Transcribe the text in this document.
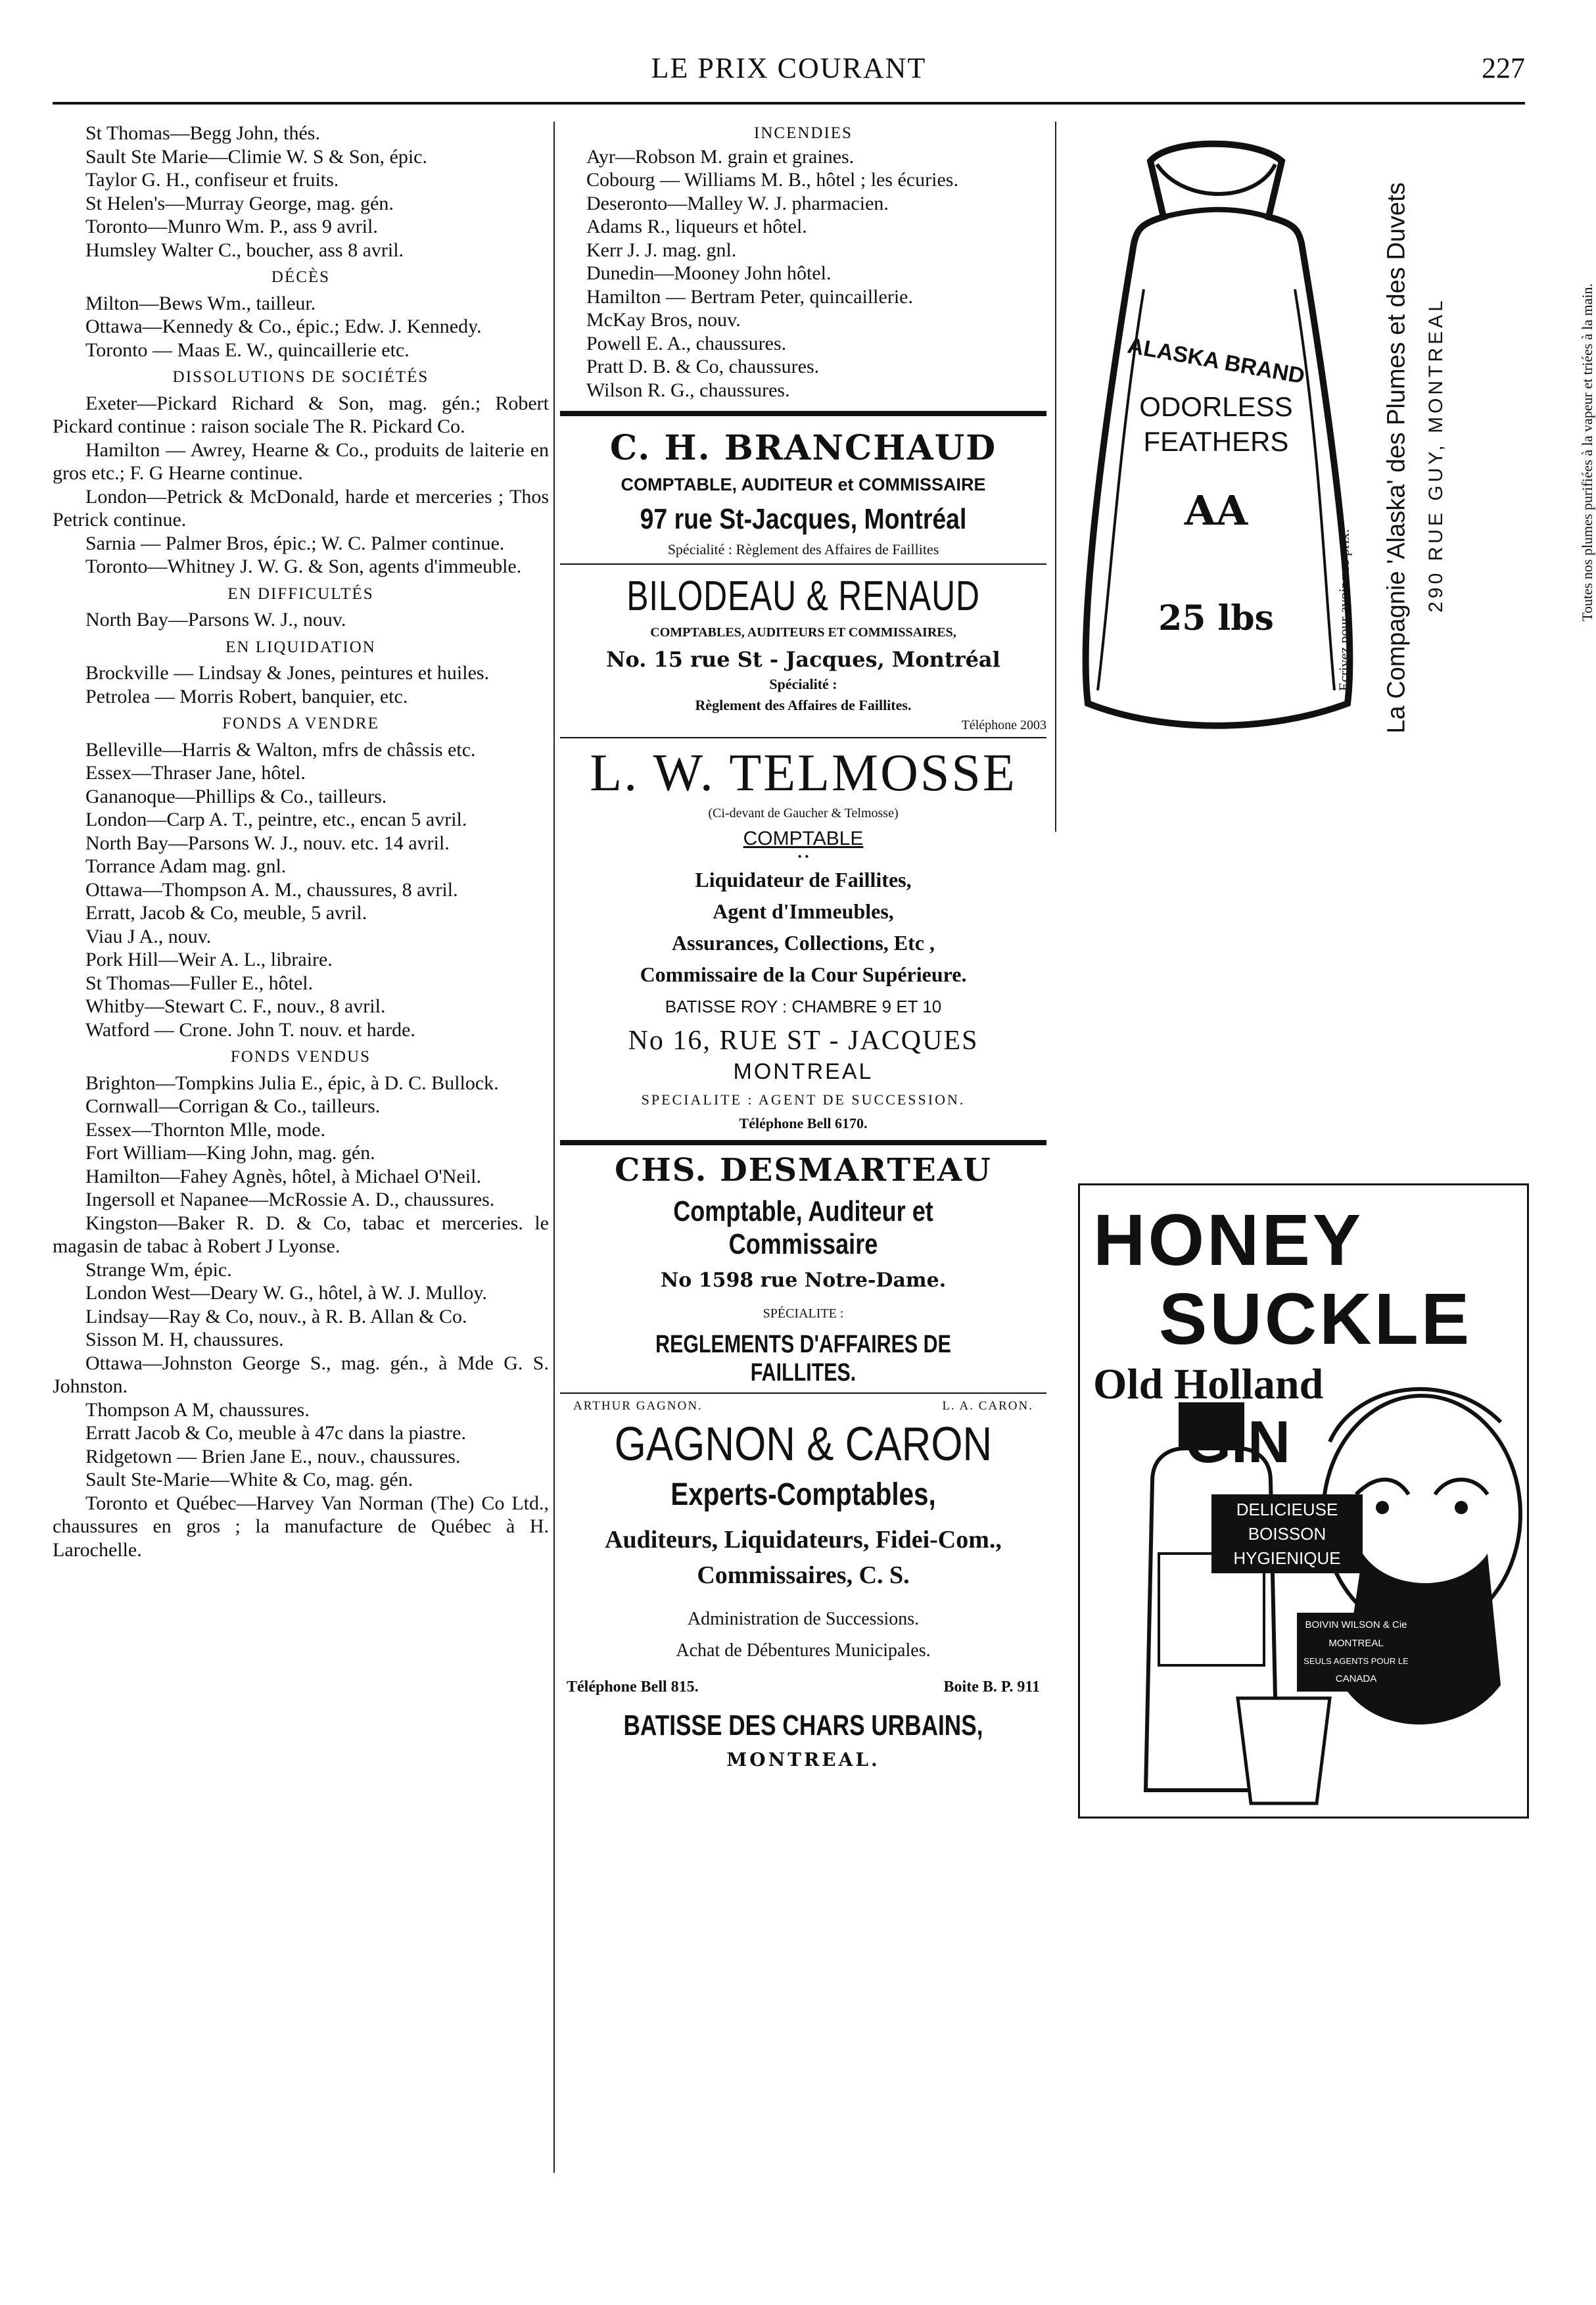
LE PRIX COURANT	227
St Thomas—Begg John, thés.
Sault Ste Marie—Climie W. S & Son, épic.
Taylor G. H., confiseur et fruits.
St Helen's—Murray George, mag. gén.
Toronto—Munro Wm. P., ass 9 avril.
Humsley Walter C., boucher, ass 8 avril.
DÉCÈS
Milton—Bews Wm., tailleur.
Ottawa—Kennedy & Co., épic.; Edw. J. Kennedy.
Toronto — Maas E. W., quincaillerie etc.
DISSOLUTIONS DE SOCIÉTÉS
Exeter—Pickard Richard & Son, mag. gén.; Robert Pickard continue : raison sociale The R. Pickard Co.
Hamilton — Awrey, Hearne & Co., produits de laiterie en gros etc.; F. G Hearne continue.
London—Petrick & McDonald, harde et merceries ; Thos Petrick continue.
Sarnia — Palmer Bros, épic.; W. C. Palmer continue.
Toronto—Whitney J. W. G. & Son, agents d'immeuble.
EN DIFFICULTÉS
North Bay—Parsons W. J., nouv.
EN LIQUIDATION
Brockville — Lindsay & Jones, peintures et huiles.
Petrolea — Morris Robert, banquier, etc.
FONDS A VENDRE
Belleville—Harris & Walton, mfrs de châssis etc.
Essex—Thraser Jane, hôtel.
Gananoque—Phillips & Co., tailleurs.
London—Carp A. T., peintre, etc., encan 5 avril.
North Bay—Parsons W. J., nouv. etc. 14 avril.
Torrance Adam mag. gnl.
Ottawa—Thompson A. M., chaussures, 8 avril.
Erratt, Jacob & Co, meuble, 5 avril.
Viau J A., nouv.
Pork Hill—Weir A. L., libraire.
St Thomas—Fuller E., hôtel.
Whitby—Stewart C. F., nouv., 8 avril.
Watford — Crone. John T. nouv. et harde.
FONDS VENDUS
Brighton—Tompkins Julia E., épic, à D. C. Bullock.
Cornwall—Corrigan & Co., tailleurs.
Essex—Thornton Mlle, mode.
Fort William—King John, mag. gén.
Hamilton—Fahey Agnès, hôtel, à Michael O'Neil.
Ingersoll et Napanee—McRossie A. D., chaussures.
Kingston—Baker R. D. & Co, tabac et merceries. le magasin de tabac à Robert J Lyonse.
Strange Wm, épic.
London West—Deary W. G., hôtel, à W. J. Mulloy.
Lindsay—Ray & Co, nouv., à R. B. Allan & Co.
Sisson M. H, chaussures.
Ottawa—Johnston George S., mag. gén., à Mde G. S. Johnston.
Thompson A M, chaussures.
Erratt Jacob & Co, meuble à 47c dans la piastre.
Ridgetown — Brien Jane E., nouv., chaussures.
Sault Ste-Marie—White & Co, mag. gén.
Toronto et Québec—Harvey Van Norman (The) Co Ltd., chaussures en gros ; la manufacture de Québec à H. Larochelle.
INCENDIES
Ayr—Robson M. grain et graines.
Cobourg — Williams M. B., hôtel ; les écuries.
Deseronto—Malley W. J. pharmacien.
Adams R., liqueurs et hôtel.
Kerr J. J. mag. gnl.
Dunedin—Mooney John hôtel.
Hamilton — Bertram Peter, quincaillerie.
McKay Bros, nouv.
Powell E. A., chaussures.
Pratt D. B. & Co, chaussures.
Wilson R. G., chaussures.
C. H. BRANCHAUD
COMPTABLE, AUDITEUR et COMMISSAIRE
97 rue St-Jacques, Montréal
Spécialité : Règlement des Affaires de Faillites
BILODEAU & RENAUD
COMPTABLES, AUDITEURS ET COMMISSAIRES,
No. 15 rue St - Jacques, Montréal
Spécialité :
Règlement des Affaires de Faillites.
Téléphone 2003
L. W. TELMOSSE
(Ci-devant de Gaucher & Telmosse)
COMPTABLE
• •
Liquidateur de Faillites,
Agent d'Immeubles,
Assurances, Collections, Etc ,
Commissaire de la Cour Supérieure.
BATISSE ROY : CHAMBRE 9 ET 10
No 16, RUE ST - JACQUES
MONTREAL
SPECIALITE : AGENT DE SUCCESSION.
Téléphone Bell 6170.
CHS. DESMARTEAU
Comptable, Auditeur et Commissaire
No 1598 rue Notre-Dame.
SPÉCIALITE :
REGLEMENTS D'AFFAIRES DE FAILLITES.
ARTHUR GAGNON.	L. A. CARON.
GAGNON & CARON
Experts-Comptables,
Auditeurs, Liquidateurs, Fidei-Com., Commissaires, C. S.
Administration de Successions.
Achat de Débentures Municipales.
Téléphone Bell 815.	Boite B. P. 911
BATISSE DES CHARS URBAINS,
MONTREAL.
ALASKA BRAND
ODORLESS
FEATHERS
AA
25 lbs	La Compagnie 'Alaska' des Plumes et des Duvets 290 RUE GUY, MONTREAL
Ecrivez pour avoir nos prix.	Toutes nos plumes purifiées à la vapeur et triées à la main.
HONEY
SUCKLE
Old Holland
GIN
DELICIEUSE
BOISSON
HYGIENIQUE
BOIVIN WILSON & Cie
MONTREAL
SEULS AGENTS POUR LE
CANADA
